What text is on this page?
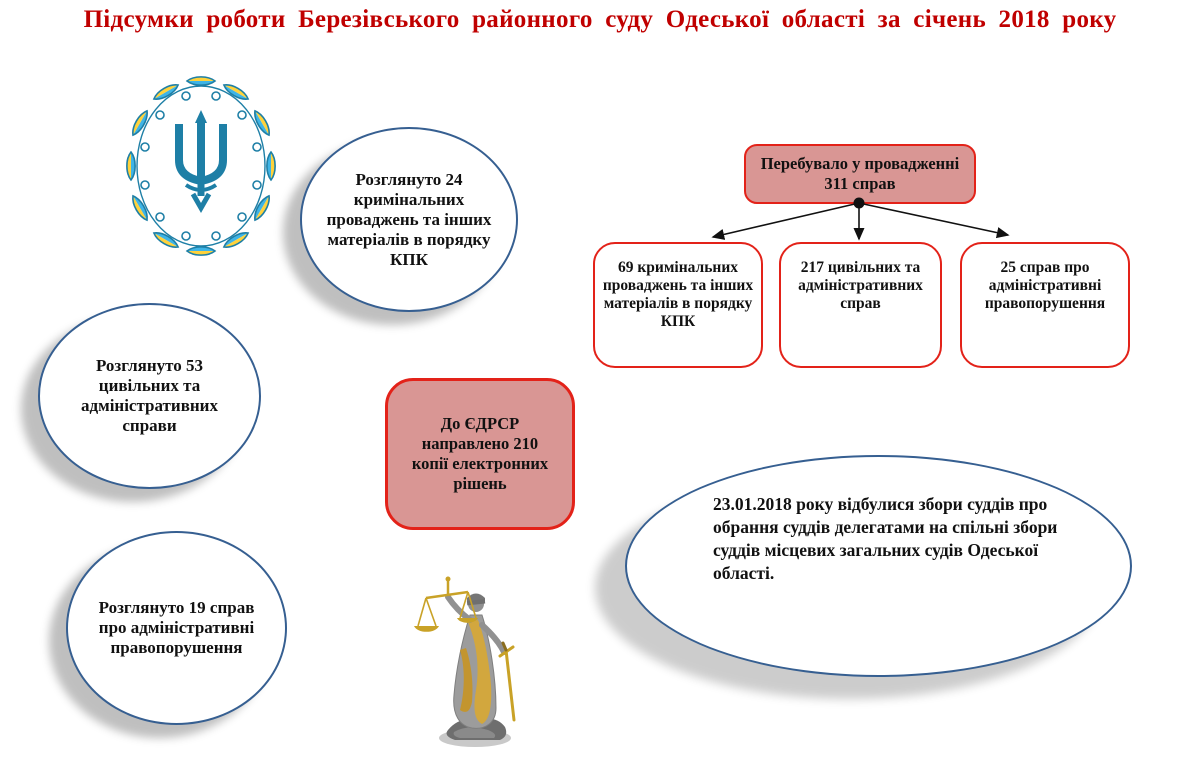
Підсумки роботи Березівського районного суду Одеської області за січень 2018 року
Розглянуто 24 кримінальних проваджень та інших матеріалів в порядку КПК
Розглянуто 53 цивільних та адміністративних справи
Розглянуто 19 справ про адміністративні правопорушення
До ЄДРСР направлено 210 копії електронних рішень
Перебувало у провадженні 311 справ
69 кримінальних проваджень та інших матеріалів в порядку КПК
217 цивільних та адміністративних справ
25 справ про адміністративні правопорушення

23.01.2018 року відбулися збори суддів про обрання суддів делегатами на спільні збори суддів місцевих загальних судів Одеської області.
